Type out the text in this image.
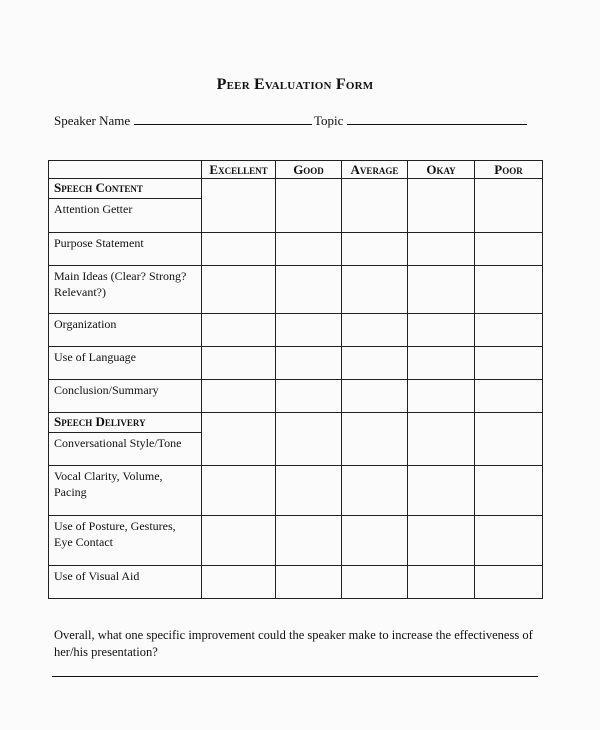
Peer Evaluation Form
Speaker Name	Topic
	Excellent	Good	Average	Okay	Poor
Speech Content					
Attention Getter					
Purpose Statement					
Main Ideas (Clear? Strong? Relevant?)					
Organization					
Use of Language					
Conclusion/Summary					
Speech Delivery					
Conversational Style/Tone					
Vocal Clarity, Volume, Pacing					
Use of Posture, Gestures, Eye Contact					
Use of Visual Aid					
Overall, what one specific improvement could the speaker make to increase the effectiveness of her/his presentation?
